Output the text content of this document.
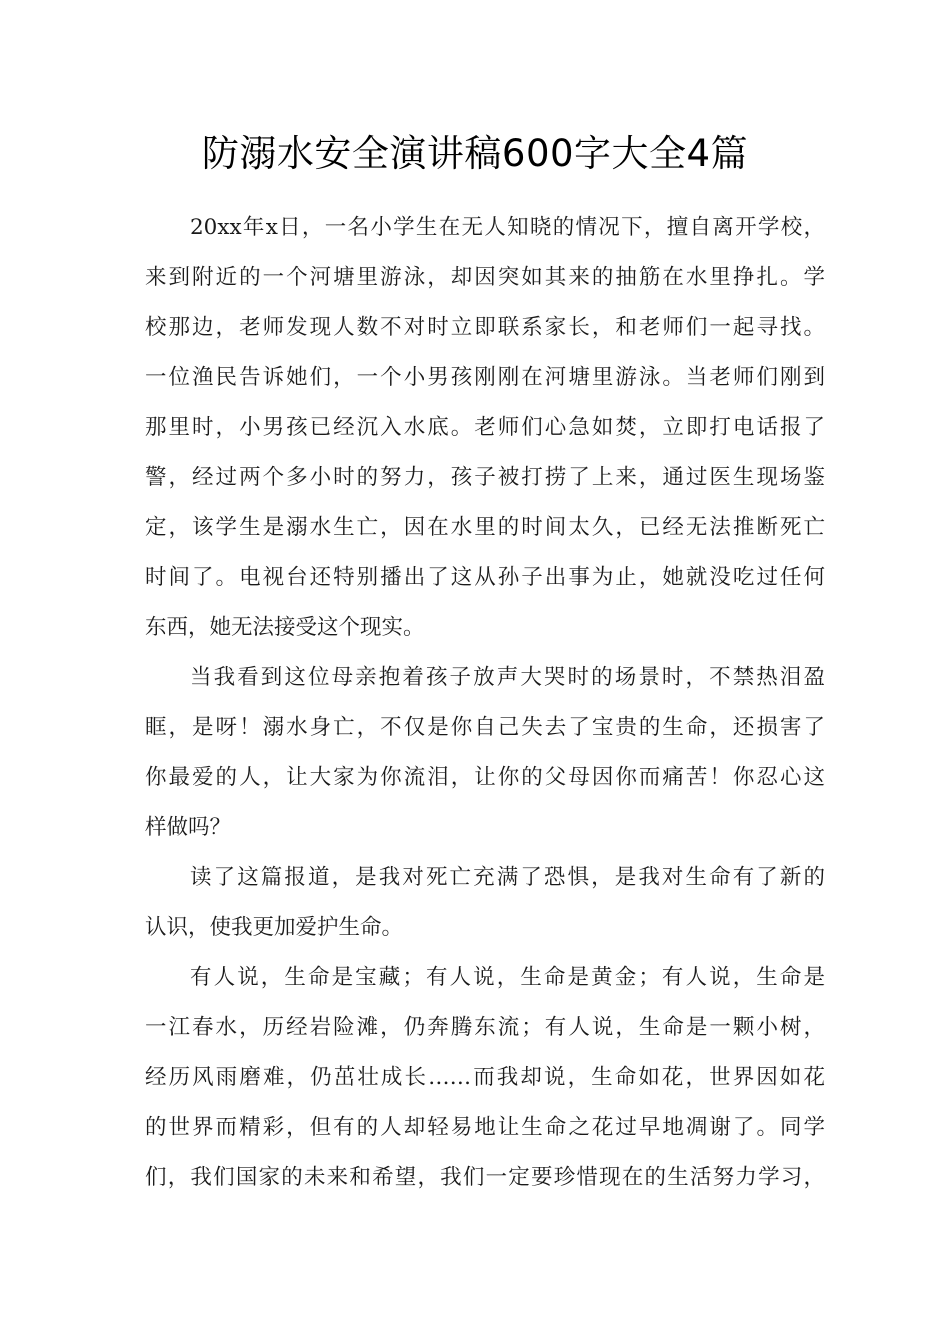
防溺水安全演讲稿600字大全4篇
20xx年x日，一名小学生在无人知晓的情况下，擅自离开学校，
来到附近的一个河塘里游泳，却因突如其来的抽筋在水里挣扎。学
校那边，老师发现人数不对时立即联系家长，和老师们一起寻找。
一位渔民告诉她们，一个小男孩刚刚在河塘里游泳。当老师们刚到
那里时，小男孩已经沉入水底。老师们心急如焚，立即打电话报了
警，经过两个多小时的努力，孩子被打捞了上来，通过医生现场鉴
定，该学生是溺水生亡，因在水里的时间太久，已经无法推断死亡
时间了。电视台还特别播出了这从孙子出事为止，她就没吃过任何
东西，她无法接受这个现实。
当我看到这位母亲抱着孩子放声大哭时的场景时，不禁热泪盈
眶，是呀！溺水身亡，不仅是你自己失去了宝贵的生命，还损害了
你最爱的人，让大家为你流泪，让你的父母因你而痛苦！你忍心这
样做吗？
读了这篇报道，是我对死亡充满了恐惧，是我对生命有了新的
认识，使我更加爱护生命。
有人说，生命是宝藏；有人说，生命是黄金；有人说，生命是
一江春水，历经岩险滩，仍奔腾东流；有人说，生命是一颗小树，
经历风雨磨难，仍茁壮成长……而我却说，生命如花，世界因如花
的世界而精彩，但有的人却轻易地让生命之花过早地凋谢了。同学
们，我们国家的未来和希望，我们一定要珍惜现在的生活努力学习，
